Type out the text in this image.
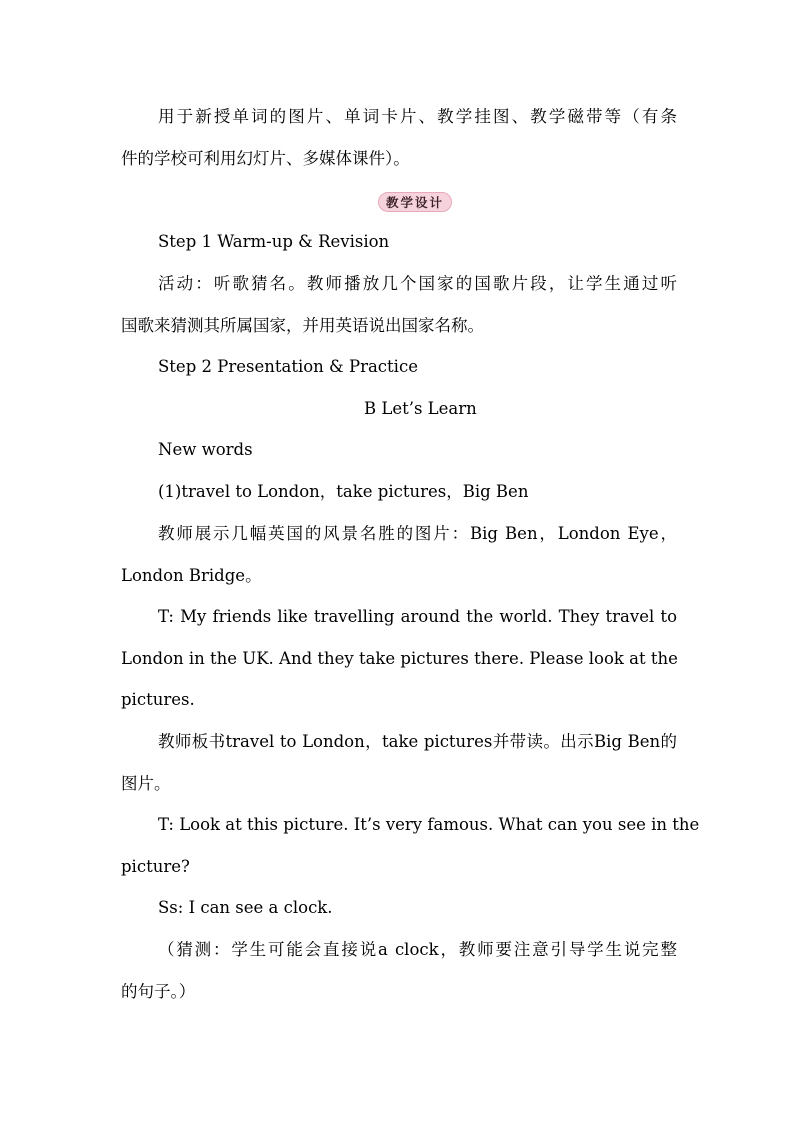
用于新授单词的图片、单词卡片、教学挂图、教学磁带等（有条
件的学校可利用幻灯片、多媒体课件）。
教学设计
Step 1 Warm-up & Revision
活动：听歌猜名。教师播放几个国家的国歌片段，让学生通过听
国歌来猜测其所属国家，并用英语说出国家名称。
Step 2 Presentation & Practice
B Let’s Learn
New words
(1)travel to London，take pictures，Big Ben
教师展示几幅英国的风景名胜的图片：Big Ben，London Eye，
London Bridge。
T: My friends like travelling around the world. They travel to
London in the UK. And they take pictures there. Please look at the
pictures.
教师板书travel to London，take pictures并带读。出示Big Ben的
图片。
T: Look at this picture. It’s very famous. What can you see in the
picture?
Ss: I can see a clock.
（猜测：学生可能会直接说a clock，教师要注意引导学生说完整
的句子。）
